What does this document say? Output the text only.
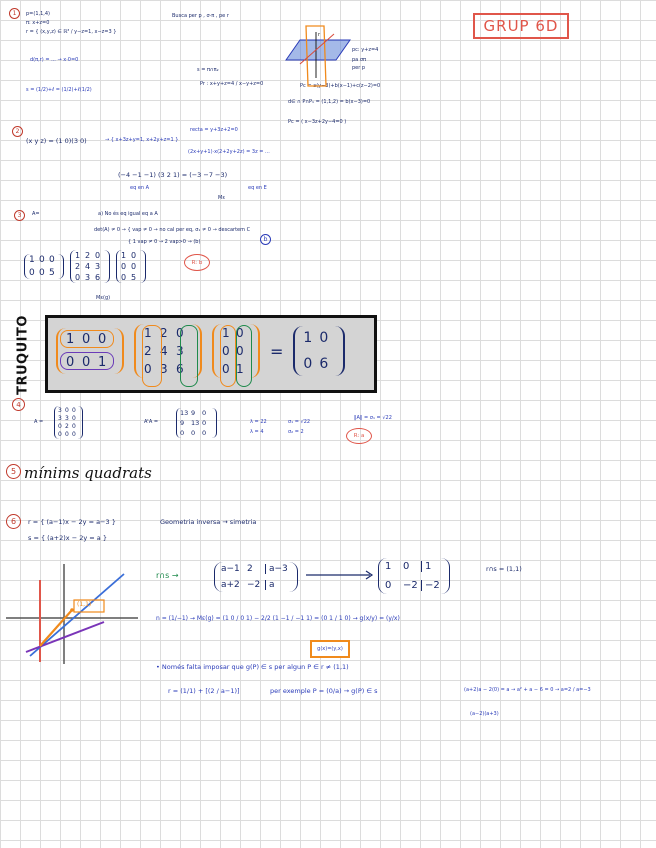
GRUP 6D
1	p=(1,1,4)
π: x+z=0
r = { (x,y,z) ∈ ℝ³ / y−z=1, x−z=3 }
d(π,r) = ... → x·0=0
s = (1/2)+ℓ = (1/2)+ℓ(1/2)
Busca per p , σ·π , pe r
s = π∩π₂
Pr : x+y+z=4 / x−y+z=0
pc: y+z=4
pa σπ
per p
Pc = a(y−3)+b(x−1)+c(z−2)=0
d∈ ∩ P∩P₁ = (1,1,2) = b(x−3)=0
Pc = ( x−3z+2y−4=0 )
r
2
(x y z) = (1 0)(3 0)	→ { x+3z+y=1, x+2y+z=1 }
recta = y+3z+2=0
(2x+y+1)·x(2+2y+2z) = 3z = ...
(−4 −1 −1) (3 2 1) = (−3 −7 −3)
eq en A
Mε
eq en E
3	A=	a) No és eq igual eq a A
det(A) ≠ 0 → { vap ≠ 0 → no cal per eq, σ₁ ≠ 0 → descartem C
{ 1 vap ≠ 0 → 2 vap>0 → (b)
Mε(g)
b
R: b
1 0 0
0 0 5
1 2 0
2 4 3
0 3 6
1 0
0 0
0 5
TRUQUITO	1 0 0
0 0 1
1 2 0
2 4 3
0 3 6
1 0
0 0
0 1
=
1 0
0 6
4
A =
3 0 0
3 3 0
0 2 0
0 0 0
AᵗA =
13 9	0
9	13 0
0	0	0
λ = 22
λ = 4
σ₁ = √22
σ₂ = 2
‖A‖ = σ₁ = √22
R: a
5 mínims quadrats
6	r = { (a−1)x − 2y = a−3 }
s = { (a+2)x − 2y = a }
Geometria inversa → simetria
(1,1)
r∩s →
a−1 2	a−3
a+2 −2 a
1	0	1
0	−2 −2
r∩s = (1,1)
n = (1/−1) → Mε(g) = (1 0 / 0 1) − 2/2 (1 −1 / −1 1) = (0 1 / 1 0) → g(x/y) = (y/x)
g(x)=(y,x)
• Només falta imposar que g(P) ∈ s per algun P ∈ r ≠ (1,1)
r = (1/1) + [(2 / a−1)]	per exemple P = (0/a) → g(P) ∈ s	(a+2)a − 2(0) = a → a² + a − 6 = 0 → a=2 / a=−3
(a−2)(a+3)
